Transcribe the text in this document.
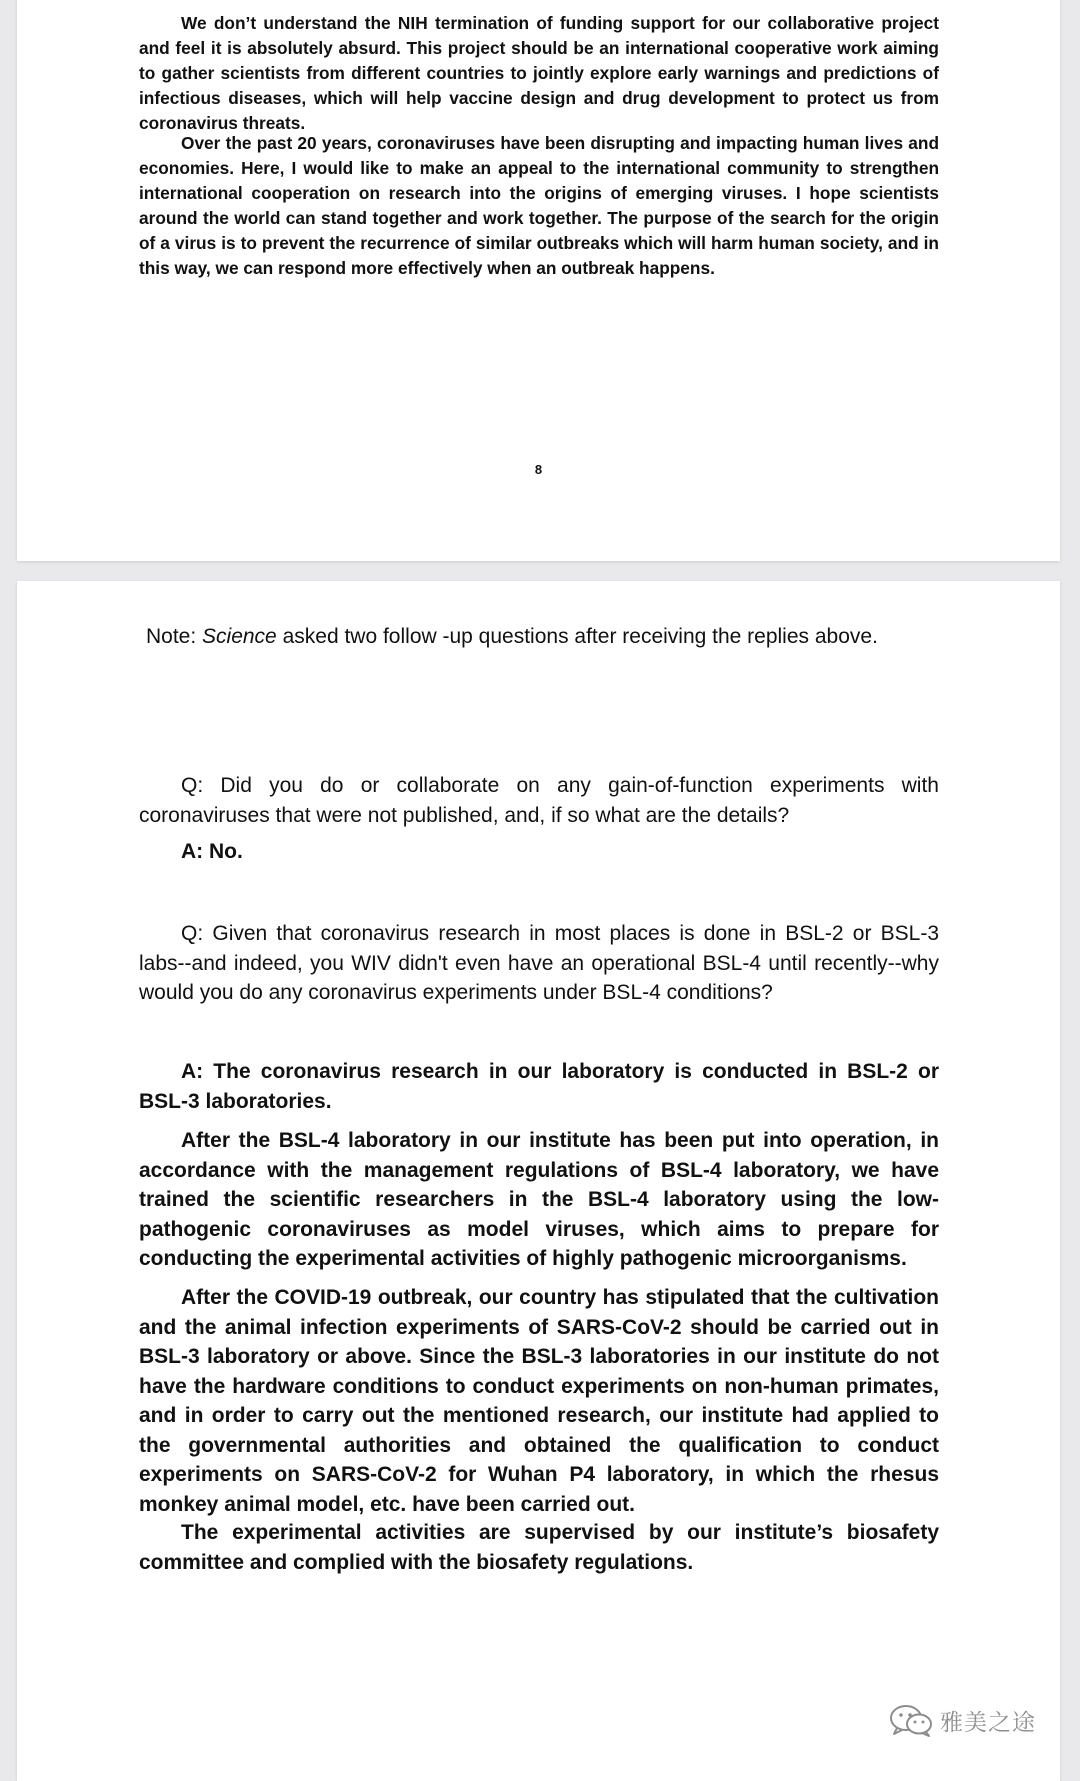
We don’t understand the NIH termination of funding support for our collaborative project and feel it is absolutely absurd. This project should be an international cooperative work aiming to gather scientists from different countries to jointly explore early warnings and predictions of infectious diseases, which will help vaccine design and drug development to protect us from coronavirus threats.

Over the past 20 years, coronaviruses have been disrupting and impacting human lives and economies. Here, I would like to make an appeal to the international community to strengthen international cooperation on research into the origins of emerging viruses. I hope scientists around the world can stand together and work together. The purpose of the search for the origin of a virus is to prevent the recurrence of similar outbreaks which will harm human society, and in this way, we can respond more effectively when an outbreak happens.

8
Note: Science asked two follow -up questions after receiving the replies above.

Q: Did you do or collaborate on any gain-of-function experiments with coronaviruses that were not published, and, if so what are the details?

A: No.

Q: Given that coronavirus research in most places is done in BSL-2 or BSL-3 labs--and indeed, you WIV didn't even have an operational BSL-4 until recently--why would you do any coronavirus experiments under BSL-4 conditions?

A: The coronavirus research in our laboratory is conducted in BSL-2 or BSL-3 laboratories.

After the BSL-4 laboratory in our institute has been put into operation, in accordance with the management regulations of BSL-4 laboratory, we have trained the scientific researchers in the BSL-4 laboratory using the low-pathogenic coronaviruses as model viruses, which aims to prepare for conducting the experimental activities of highly pathogenic microorganisms.

After the COVID-19 outbreak, our country has stipulated that the cultivation and the animal infection experiments of SARS-CoV-2 should be carried out in BSL-3 laboratory or above. Since the BSL-3 laboratories in our institute do not have the hardware conditions to conduct experiments on non-human primates, and in order to carry out the mentioned research, our institute had applied to the governmental authorities and obtained the qualification to conduct experiments on SARS-CoV-2 for Wuhan P4 laboratory, in which the rhesus monkey animal model, etc. have been carried out.

The experimental activities are supervised by our institute’s biosafety committee and complied with the biosafety regulations.

雅美之途
